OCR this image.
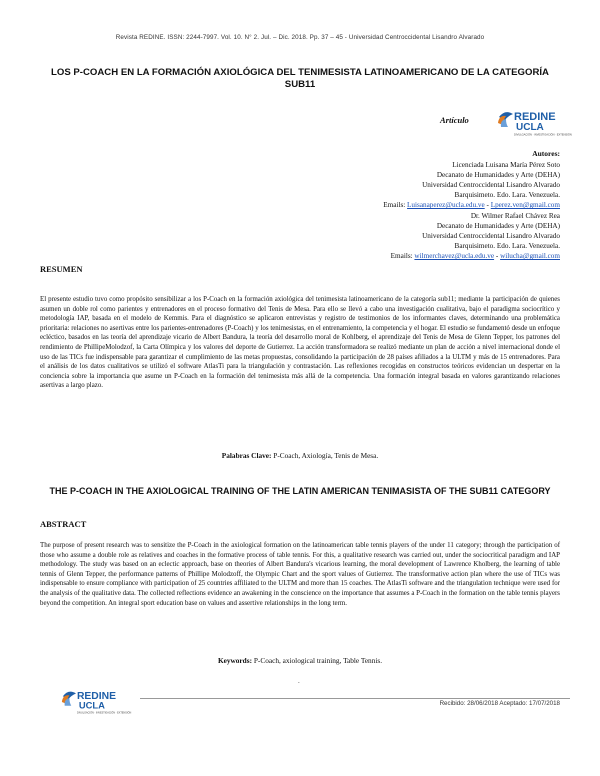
Revista REDINE. ISSN: 2244-7997. Vol. 10. N° 2. Jul. – Dic. 2018. Pp. 37 – 45 - Universidad Centroccidental Lisandro Alvarado
LOS P-COACH EN LA FORMACIÓN AXIOLÓGICA DEL TENIMESISTA LATINOAMERICANO DE LA CATEGORÍA SUB11
Artículo	REDINE
UCLA
DIVULGACIÓN · INVESTIGACIÓN · EXTENSIÓN
Autores:
Licenciada Luisana María Pérez Soto
Decanato de Humanidades y Arte (DEHA)
Universidad Centroccidental Lisandro Alvarado
Barquisimeto. Edo. Lara. Venezuela.
Emails: Luisanaperez@ucla.edu.ve - Lperez.ven@gmail.com
Dr. Wilmer Rafael Chávez Rea
Decanato de Humanidades y Arte (DEHA)
Universidad Centroccidental Lisandro Alvarado
Barquisimeto. Edo. Lara. Venezuela.
Emails: wilmerchavez@ucla.edu.ve - wilucha@gmail.com
RESUMEN
El presente estudio tuvo como propósito sensibilizar a los P-Coach en la formación axiológica del tenimesista latinoamericano de la categoría sub11; mediante la participación de quienes asumen un doble rol como parientes y entrenadores en el proceso formativo del Tenis de Mesa. Para ello se llevó a cabo una investigación cualitativa, bajo el paradigma sociocrítico y metodología IAP, basada en el modelo de Kemmis. Para el diagnóstico se aplicaron entrevistas y registro de testimonios de los informantes claves, determinando una problemática prioritaria: relaciones no asertivas entre los parientes-entrenadores (P-Coach) y los tenimesistas, en el entrenamiento, la competencia y el hogar. El estudio se fundamentó desde un enfoque ecléctico, basados en las teoría del aprendizaje vicario de Albert Bandura, la teoría del desarrollo moral de Kohlberg, el aprendizaje del Tenis de Mesa de Glenn Tepper, los patrones del rendimiento de PhillipeMolodzof, la Carta Olímpica y los valores del deporte de Gutierrez. La acción transformadora se realizó mediante un plan de acción a nivel internacional donde el uso de las TICs fue indispensable para garantizar el cumplimiento de las metas propuestas, consolidando la participación de 28 países afiliados a la ULTM y más de 15 entrenadores. Para el análisis de los datos cualitativos se utilizó el software AtlasTi para la triangulación y contrastación. Las reflexiones recogidas en constructos teóricos evidencian un despertar en la conciencia sobre la importancia que asume un P-Coach en la formación del tenimesista más allá de la competencia. Una formación integral basada en valores garantizando relaciones asertivas a largo plazo.
Palabras Clave: P-Coach, Axiología, Tenis de Mesa.
THE P-COACH IN THE AXIOLOGICAL TRAINING OF THE LATIN AMERICAN TENIMASISTA OF THE SUB11 CATEGORY
ABSTRACT
The purpose of present research was to sensitize the P-Coach in the axiological formation on the latinoamerican table tennis players of the under 11 category; through the participation of those who assume a double role as relatives and coaches in the formative process of table tennis. For this, a qualitative research was carried out, under the sociocritical paradigm and IAP methodology. The study was based on an eclectic approach, base on theories of Albert Bandura's vicarious learning, the moral development of Lawrence Kholberg, the learning of table tennis of Glenn Tepper, the performance patterns of Phillipe Molodzoff, the Olympic Chart and the sport values of Gutierrez. The transformative action plan where the use of TICs was indispensable to ensure compliance with participation of 25 countries affiliated to the ULTM and more than 15 coaches. The AtlasTi software and the triangulation technique were used for the analysis of the qualitative data. The collected reflections evidence an awakening in the conscience on the importance that assumes a P-Coach in the formation on the table tennis players beyond the competition. An integral sport education base on values and assertive relationships in the long term.
Keywords: P-Coach, axiological training, Table Tennis.
.
REDINE
UCLA
DIVULGACIÓN · INVESTIGACIÓN · EXTENSIÓN
Recibido: 28/06/2018 Aceptado: 17/07/2018
